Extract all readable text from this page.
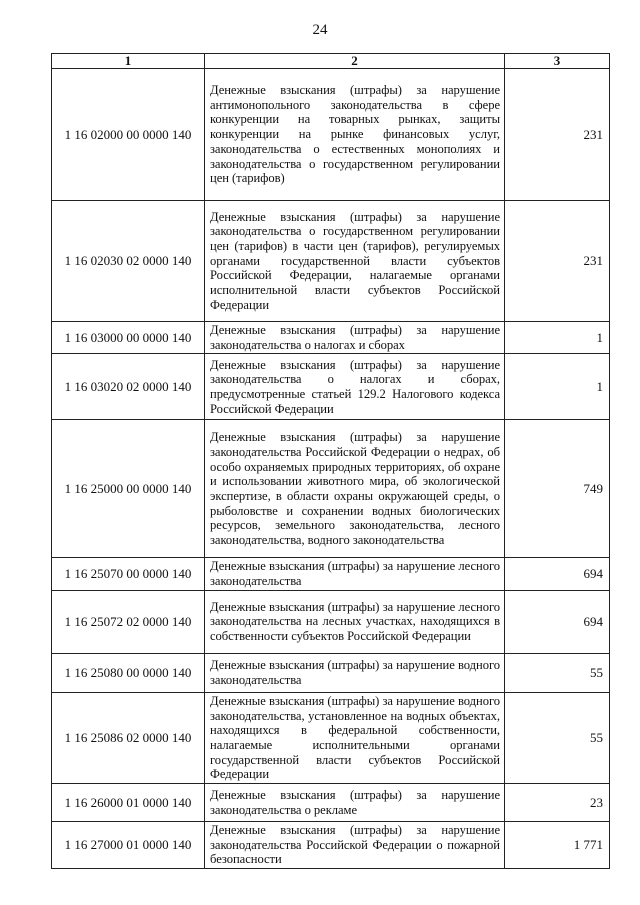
24
1	2	3
1 16 02000 00 0000 140	Денежные взыскания (штрафы) за нарушение антимонопольного законодательства в сфере конкуренции на товарных рынках, защиты конкуренции на рынке финансовых услуг, законодательства о естественных монополиях и законодательства о государственном регулировании цен (тарифов)	231
1 16 02030 02 0000 140	Денежные взыскания (штрафы) за нарушение законодательства о государственном регулировании цен (тарифов) в части цен (тарифов), регулируемых органами государственной власти субъектов Российской Федерации, налагаемые органами исполнительной власти субъектов Российской Федерации	231
1 16 03000 00 0000 140	Денежные взыскания (штрафы) за нарушение законодательства о налогах и сборах	1
1 16 03020 02 0000 140	Денежные взыскания (штрафы) за нарушение законодательства о налогах и сборах, предусмотренные статьей 129.2 Налогового кодекса Российской Федерации	1
1 16 25000 00 0000 140	Денежные взыскания (штрафы) за нарушение законодательства Российской Федерации о недрах, об особо охраняемых природных территориях, об охране и использовании животного мира, об экологической экспертизе, в области охраны окружающей среды, о рыболовстве и сохранении водных биологических ресурсов, земельного законодательства, лесного законодательства, водного законодательства	749
1 16 25070 00 0000 140	Денежные взыскания (штрафы) за нарушение лесного законодательства	694
1 16 25072 02 0000 140	Денежные взыскания (штрафы) за нарушение лесного законодательства на лесных участках, находящихся в собственности субъектов Российской Федерации	694
1 16 25080 00 0000 140	Денежные взыскания (штрафы) за нарушение водного законодательства	55
1 16 25086 02 0000 140	Денежные взыскания (штрафы) за нарушение водного законодательства, установленное на водных объектах, находящихся в федеральной собственности, налагаемые исполнительными органами государственной власти субъектов Российской Федерации	55
1 16 26000 01 0000 140	Денежные взыскания (штрафы) за нарушение законодательства о рекламе	23
1 16 27000 01 0000 140	Денежные взыскания (штрафы) за нарушение законодательства Российской Федерации о пожарной безопасности	1 771
